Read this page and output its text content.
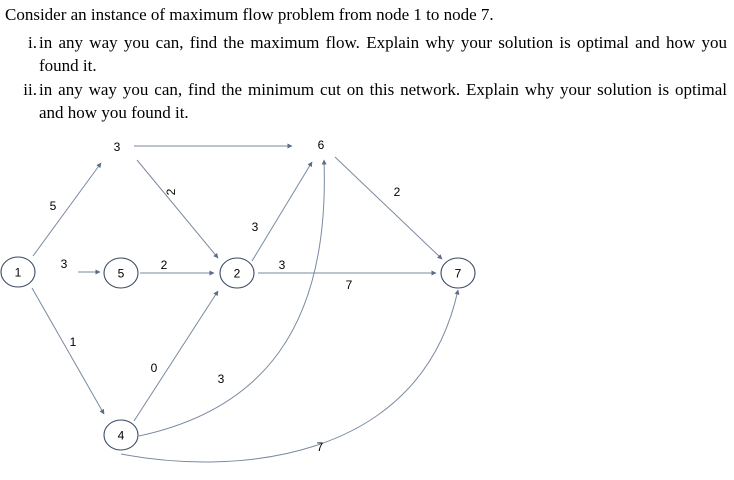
Consider an instance of maximum flow problem from node 1 to node 7.
i. in any way you can, find the maximum flow. Explain why your solution is optimal and how you found it.
ii. in any way you can, find the minimum cut on this network. Explain why your solution is optimal and how you found it.
1
3
5	2
4
6
7
5
3
1
2
2
3
0
3
3
2
7
7
